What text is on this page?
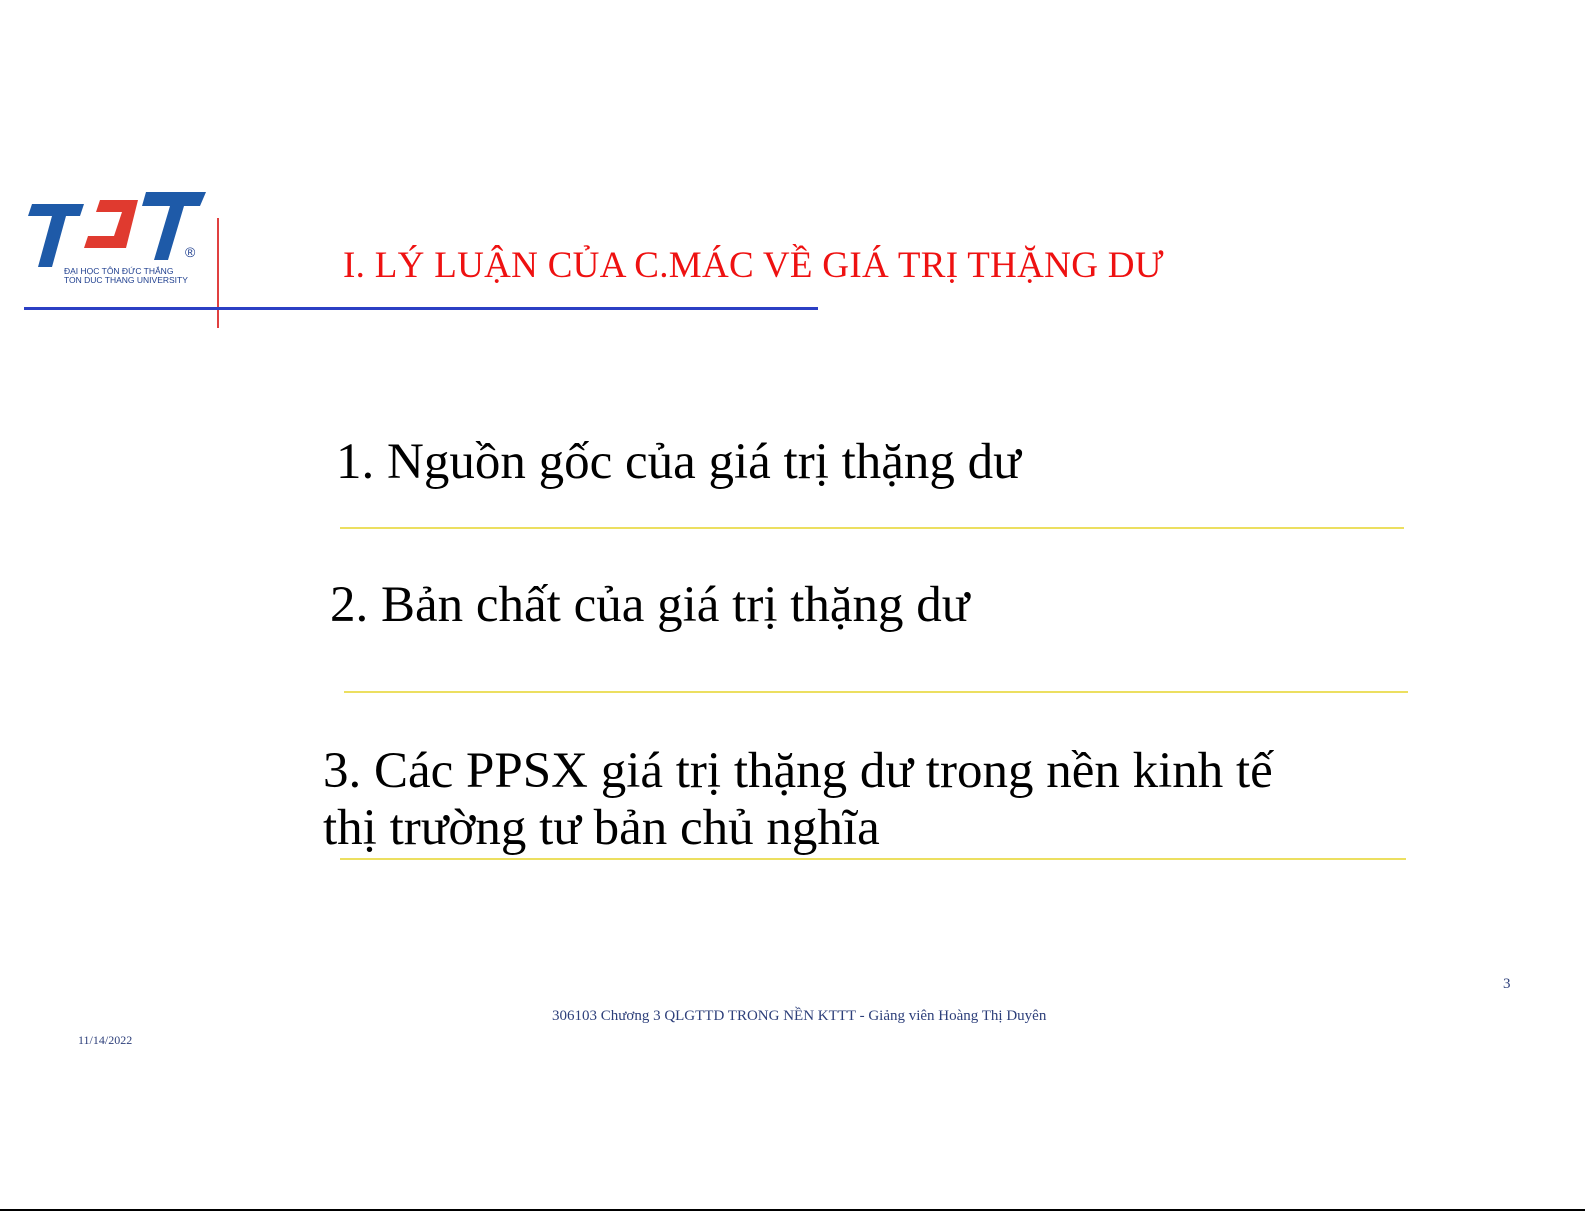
®
ĐẠI HỌC TÔN ĐỨC THẮNG
TON DUC THANG UNIVERSITY	I. LÝ LUẬN CỦA C.MÁC VỀ GIÁ TRỊ THẶNG DƯ
1. Nguồn gốc của giá trị thặng dư
2. Bản chất của giá trị thặng dư
3. Các PPSX giá trị thặng dư trong nền kinh tế
thị trường tư bản chủ nghĩa
3
306103 Chương 3 QLGTTD TRONG NỀN KTTT - Giảng viên Hoàng Thị Duyên
11/14/2022
